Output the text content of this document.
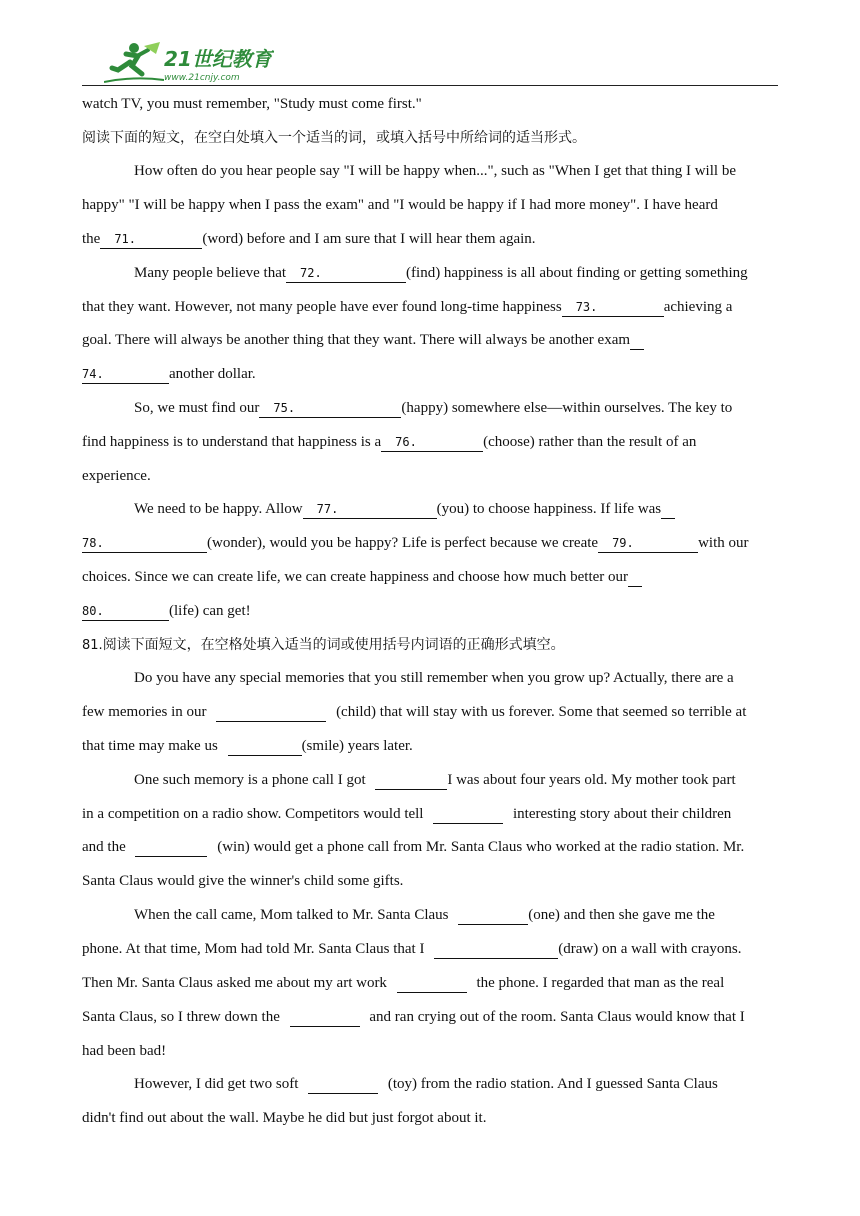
21世纪教育
www.21cnjy.com
watch TV, you must remember, "Study must come first."
阅读下面的短文，在空白处填入一个适当的词，或填入括号中所给词的适当形式。
How often do you hear people say "I will be happy when...", such as "When I get that thing I will be
happy" "I will be happy when I pass the exam" and "I would be happy if I had more money". I have heard
the 71.	(word) before and I am sure that I will hear them again.
Many people believe that 72.	(find) happiness is all about finding or getting something
that they want. However, not many people have ever found long-time happiness 73.	achieving a
goal. There will always be another thing that they want. There will always be another exam
74.	another dollar.
So, we must find our 75.	(happy) somewhere else—within ourselves. The key to
find happiness is to understand that happiness is a 76.	(choose) rather than the result of an
experience.
We need to be happy. Allow 77.	(you) to choose happiness. If life was
78.	(wonder), would you be happy? Life is perfect because we create 79.	with our
choices. Since we can create life, we can create happiness and choose how much better our
80.	(life) can get!
81.阅读下面短文，在空格处填入适当的词或使用括号内词语的正确形式填空。
Do you have any special memories that you still remember when you grow up? Actually, there are a
few memories in our	(child) that will stay with us forever. Some that seemed so terrible at
that time may make us	(smile) years later.
One such memory is a phone call I got	I was about four years old. My mother took part
in a competition on a radio show. Competitors would tell	interesting story about their children
and the	(win) would get a phone call from Mr. Santa Claus who worked at the radio station. Mr.
Santa Claus would give the winner's child some gifts.
When the call came, Mom talked to Mr. Santa Claus	(one) and then she gave me the
phone. At that time, Mom had told Mr. Santa Claus that I	(draw) on a wall with crayons.
Then Mr. Santa Claus asked me about my art work	the phone. I regarded that man as the real
Santa Claus, so I threw down the	and ran crying out of the room. Santa Claus would know that I
had been bad!
However, I did get two soft	(toy) from the radio station. And I guessed Santa Claus
didn't find out about the wall. Maybe he did but just forgot about it.
